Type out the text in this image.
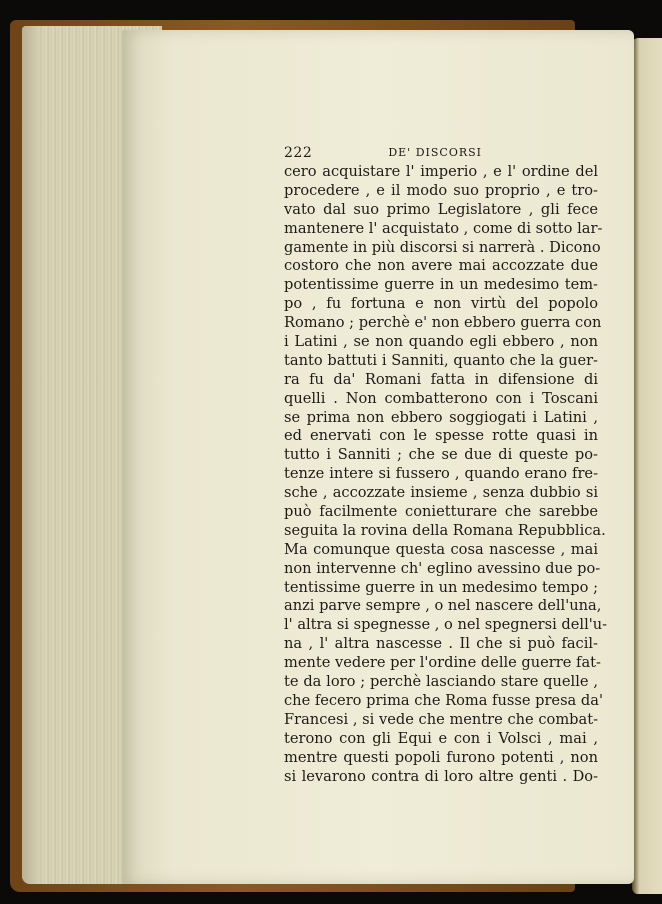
222	DE' DISCORSI
cero acquistare l' imperio , e l' ordine del
procedere , e il modo suo proprio , e tro-
vato dal suo primo Legislatore , gli fece
mantenere l' acquistato , come di sotto lar-
gamente in più discorsi si narrerà . Dicono
costoro che non avere mai accozzate due
potentissime guerre in un medesimo tem-
po , fu fortuna e non virtù del popolo
Romano ; perchè e' non ebbero guerra con
i Latini , se non quando egli ebbero , non
tanto battuti i Sanniti, quanto che la guer-
ra fu da' Romani fatta in difensione di
quelli . Non combatterono con i Toscani
se prima non ebbero soggiogati i Latini ,
ed enervati con le spesse rotte quasi in
tutto i Sanniti ; che se due di queste po-
tenze intere si fussero , quando erano fre-
sche , accozzate insieme , senza dubbio si
può facilmente conietturare che sarebbe
seguita la rovina della Romana Repubblica.
Ma comunque questa cosa nascesse , mai
non intervenne ch' eglino avessino due po-
tentissime guerre in un medesimo tempo ;
anzi parve sempre , o nel nascere dell'una,
l' altra si spegnesse , o nel spegnersi dell'u-
na , l' altra nascesse . Il che si può facil-
mente vedere per l'ordine delle guerre fat-
te da loro ; perchè lasciando stare quelle ,
che fecero prima che Roma fusse presa da'
Francesi , si vede che mentre che combat-
terono con gli Equi e con i Volsci , mai ,
mentre questi popoli furono potenti , non
si levarono contra di loro altre genti . Do-
